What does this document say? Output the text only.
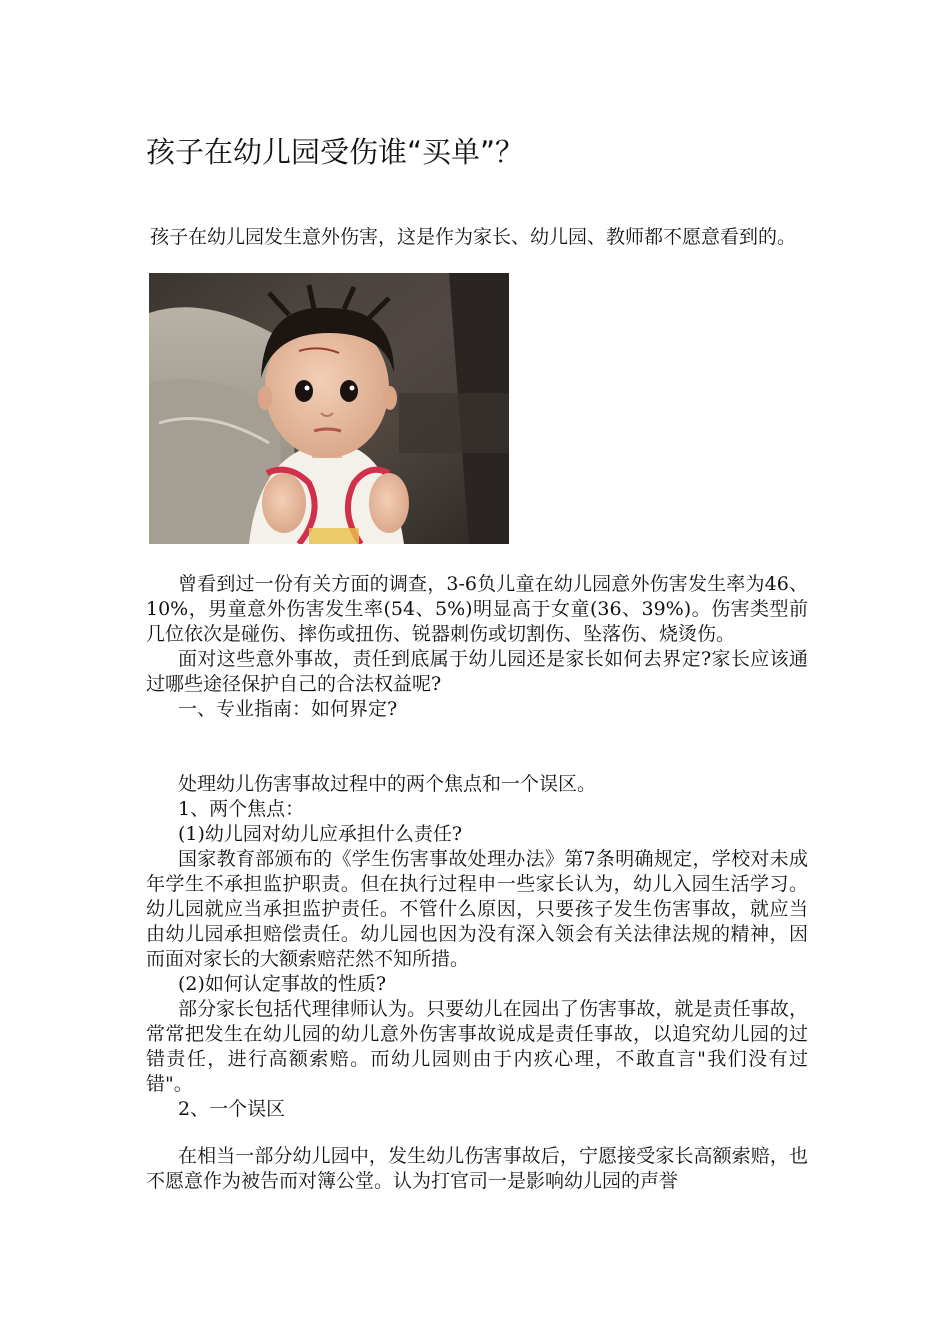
孩子在幼儿园受伤谁“买单”？

孩子在幼儿园发生意外伤害，这是作为家长、幼儿园、教师都不愿意看到的。

曾看到过一份有关方面的调查，3-6负儿童在幼儿园意外伤害发生率为46、10%，男童意外伤害发生率(54、5%)明显高于女童(36、39%)。伤害类型前几位依次是碰伤、摔伤或扭伤、锐器刺伤或切割伤、坠落伤、烧烫伤。

面对这些意外事故，责任到底属于幼儿园还是家长如何去界定?家长应该通过哪些途径保护自己的合法权益呢?

一、专业指南：如何界定?

处理幼儿伤害事故过程中的两个焦点和一个误区。

1、两个焦点：

(1)幼儿园对幼儿应承担什么责任?

国家教育部颁布的《学生伤害事故处理办法》第7条明确规定，学校对未成年学生不承担监护职责。但在执行过程申一些家长认为，幼儿入园生活学习。幼儿园就应当承担监护责任。不管什么原因，只要孩子发生伤害事故，就应当由幼儿园承担赔偿责任。幼儿园也因为没有深入领会有关法律法规的精神，因而面对家长的大额索赔茫然不知所措。

(2)如何认定事故的性质?

部分家长包括代理律师认为。只要幼儿在园出了伤害事故，就是责任事故，常常把发生在幼儿园的幼儿意外伤害事故说成是责任事故，以追究幼儿园的过错责任，进行高额索赔。而幼儿园则由于内疚心理，不敢直言"我们没有过错"。

2、一个误区

在相当一部分幼儿园中，发生幼儿伤害事故后，宁愿接受家长高额索赔，也不愿意作为被告而对簿公堂。认为打官司一是影响幼儿园的声誉
